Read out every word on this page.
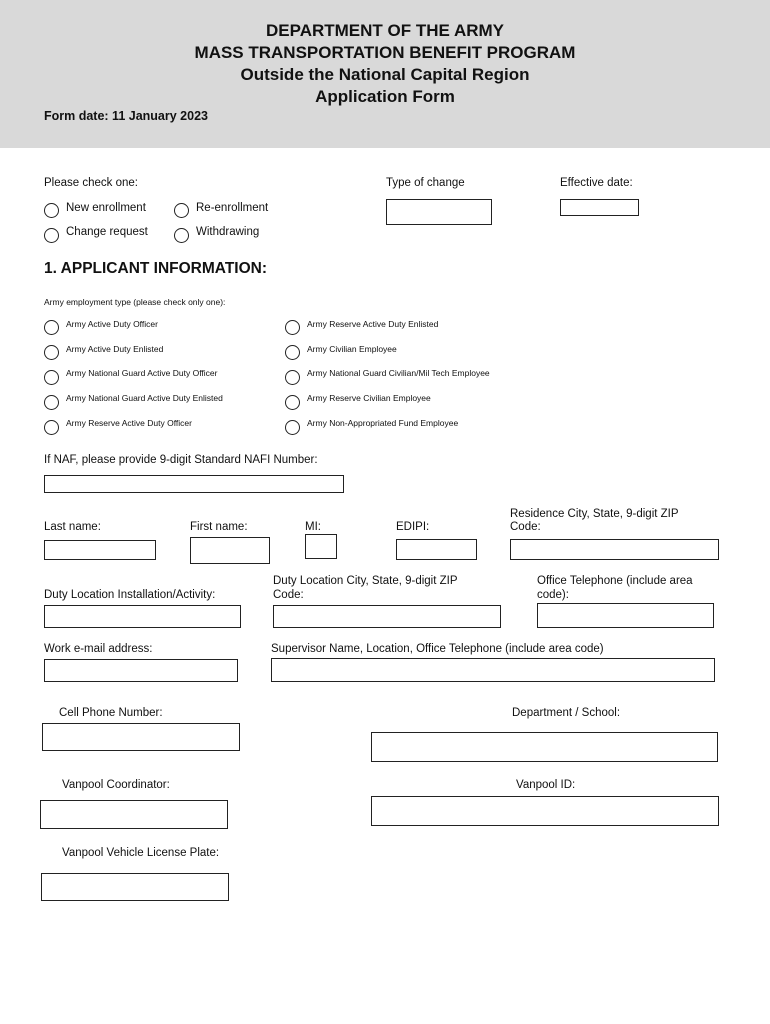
DEPARTMENT OF THE ARMY
MASS TRANSPORTATION BENEFIT PROGRAM
Outside the National Capital Region
Application Form
Form date: 11 January 2023
Please check one:
New enrollment	Re-enrollment
Change request	Withdrawing
Type of change	Effective date:
1. APPLICANT INFORMATION:
Army employment type (please check only one):
Army Active Duty Officer
Army Active Duty Enlisted
Army National Guard Active Duty Officer
Army National Guard Active Duty Enlisted
Army Reserve Active Duty Officer
Army Reserve Active Duty Enlisted
Army Civilian Employee
Army National Guard Civilian/Mil Tech Employee
Army Reserve Civilian Employee
Army Non-Appropriated Fund Employee
If NAF, please provide 9-digit Standard NAFI Number:
Last name:	First name:	MI:	EDIPI:
Residence City, State, 9-digit ZIP
Code:
Duty Location Installation/Activity:
Duty Location City, State, 9-digit ZIP
Code:
Office Telephone (include area
code):
Work e-mail address:	Supervisor Name, Location, Office Telephone (include area code)
Cell Phone Number:	Department / School:
Vanpool Coordinator:	Vanpool ID:
Vanpool Vehicle License Plate:
